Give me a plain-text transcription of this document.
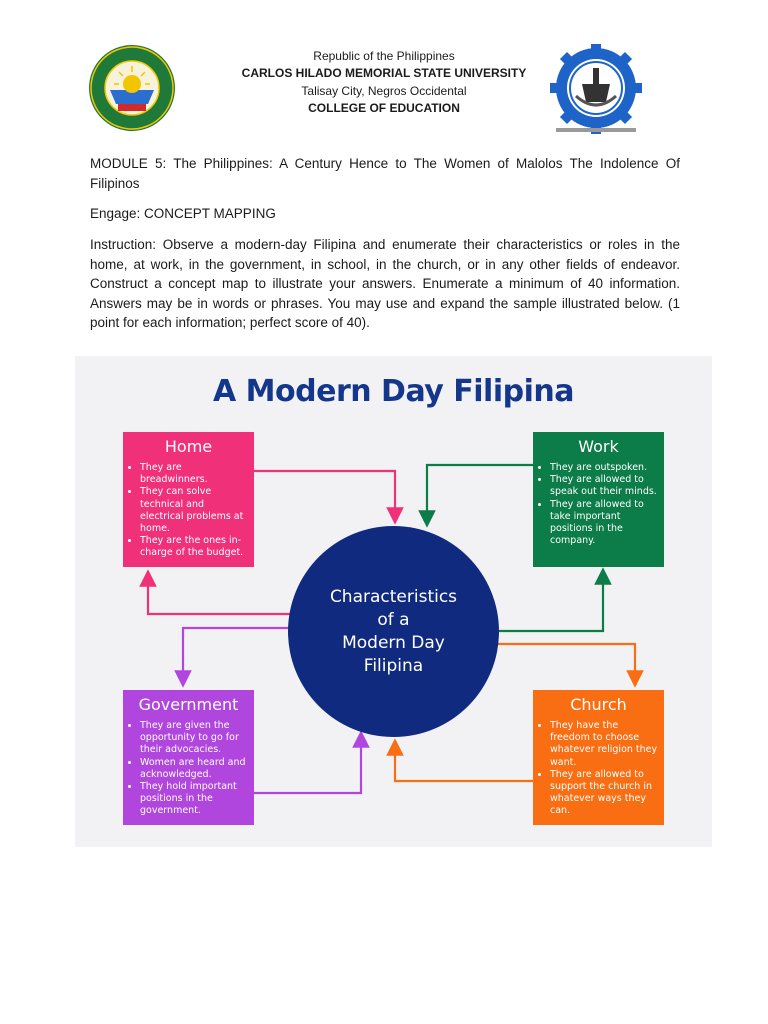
Republic of the Philippines
CARLOS HILADO MEMORIAL STATE UNIVERSITY
Talisay City, Negros Occidental
COLLEGE OF EDUCATION

MODULE 5: The Philippines: A Century Hence to The Women of Malolos The Indolence Of Filipinos

Engage: CONCEPT MAPPING

Instruction: Observe a modern-day Filipina and enumerate their characteristics or roles in the home, at work, in the government, in school, in the church, or in any other fields of endeavor. Construct a concept map to illustrate your answers. Enumerate a minimum of 40 information. Answers may be in words or phrases. You may use and expand the sample illustrated below. (1 point for each information; perfect score of 40).

A Modern Day Filipina
Home
• They are breadwinners.
• They can solve technical and electrical problems at home.
• They are the ones in-charge of the budget.
Work
• They are outspoken.
• They are allowed to speak out their minds.
• They are allowed to take important positions in the company.
Characteristics
of a
Modern Day
Filipina
Government
• They are given the opportunity to go for their advocacies.
• Women are heard and acknowledged.
• They hold important positions in the government.
Church
• They have the freedom to choose whatever religion they want.
• They are allowed to support the church in whatever ways they can.
